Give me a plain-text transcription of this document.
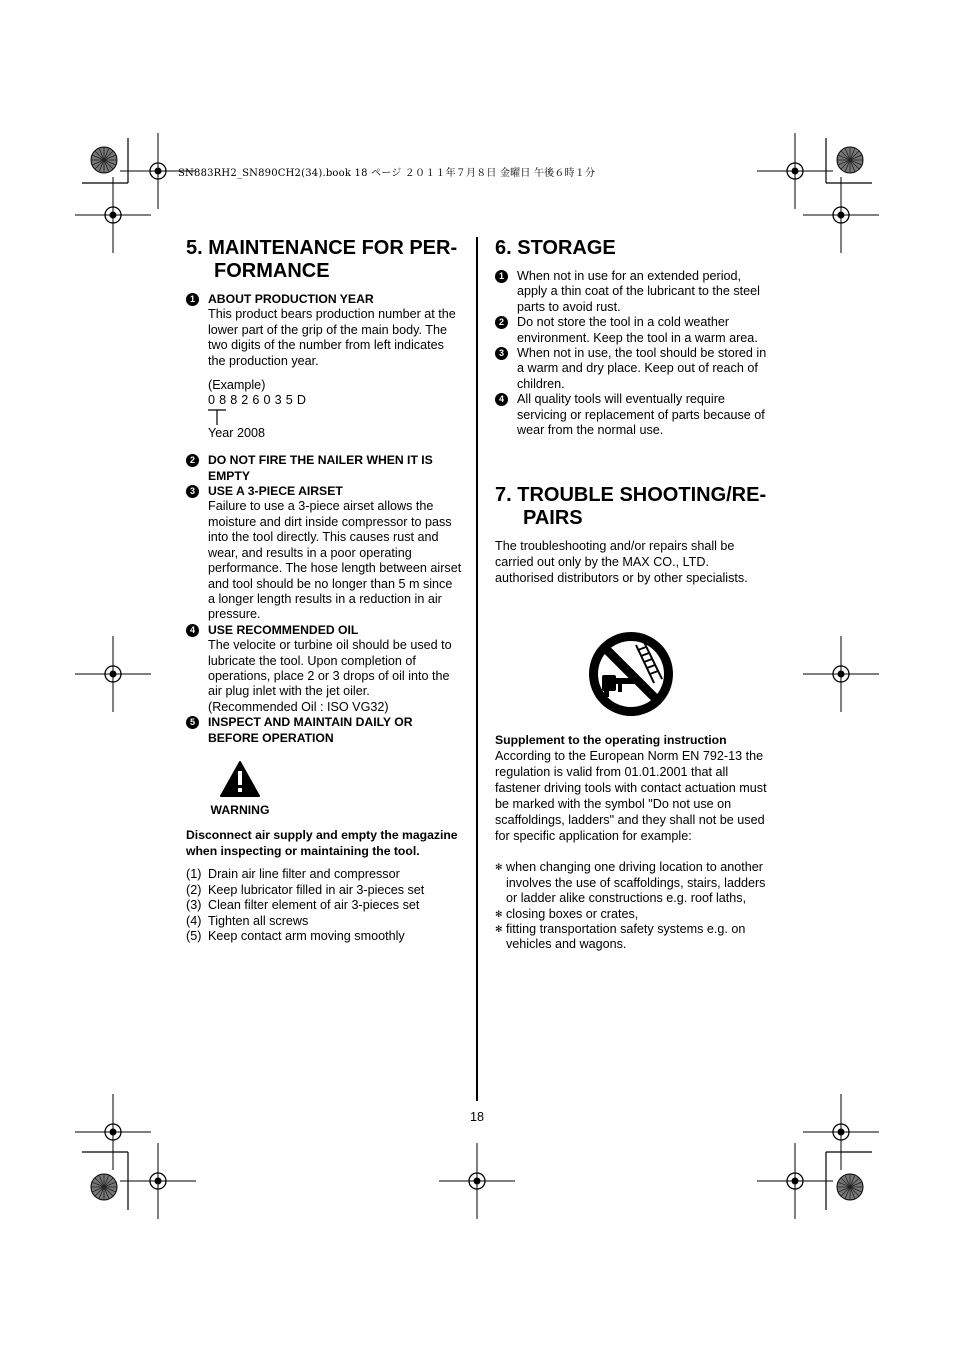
SN883RH2_SN890CH2(34).book 18 ページ ２０１１年７月８日 金曜日 午後６時１分
5. MAINTENANCE FOR PER-
FORMANCE
1	ABOUT PRODUCTION YEAR
This product bears production number at the lower part of the grip of the main body. The two digits of the number from left indicates the production year.
(Example)
0 8 8 2 6 0 3 5 D
Year 2008
2	DO NOT FIRE THE NAILER WHEN IT IS EMPTY
3	USE A 3-PIECE AIRSET
Failure to use a 3-piece airset allows the moisture and dirt inside compressor to pass into the tool directly. This causes rust and wear, and results in a poor operating performance. The hose length between airset and tool should be no longer than 5 m since a longer length results in a reduction in air pressure.
4	USE RECOMMENDED OIL
The velocite or turbine oil should be used to lubricate the tool. Upon completion of operations, place 2 or 3 drops of oil into the air plug inlet with the jet oiler. (Recommended Oil : ISO VG32)
5	INSPECT AND MAINTAIN DAILY OR BEFORE OPERATION
WARNING
Disconnect air supply and empty the magazine when inspecting or maintaining the tool.
(1) Drain air line filter and compressor
(2) Keep lubricator filled in air 3-pieces set
(3) Clean filter element of air 3-pieces set
(4) Tighten all screws
(5) Keep contact arm moving smoothly
6. STORAGE
1	When not in use for an extended period, apply a thin coat of the lubricant to the steel parts to avoid rust.
2	Do not store the tool in a cold weather environment. Keep the tool in a warm area.
3	When not in use, the tool should be stored in a warm and dry place. Keep out of reach of children.
4	All quality tools will eventually require servicing or replacement of parts because of wear from the normal use.
7. TROUBLE SHOOTING/RE-
PAIRS
The troubleshooting and/or repairs shall be carried out only by the MAX CO., LTD. authorised distributors or by other specialists.
Supplement to the operating instruction
According to the European Norm EN 792-13 the regulation is valid from 01.01.2001 that all fastener driving tools with contact actuation must be marked with the symbol "Do not use on scaffoldings, ladders" and they shall not be used for specific application for example:
✻ when changing one driving location to another involves the use of scaffoldings, stairs, ladders or ladder alike constructions e.g. roof laths,
✻ closing boxes or crates,
✻ fitting transportation safety systems e.g. on vehicles and wagons.
18
